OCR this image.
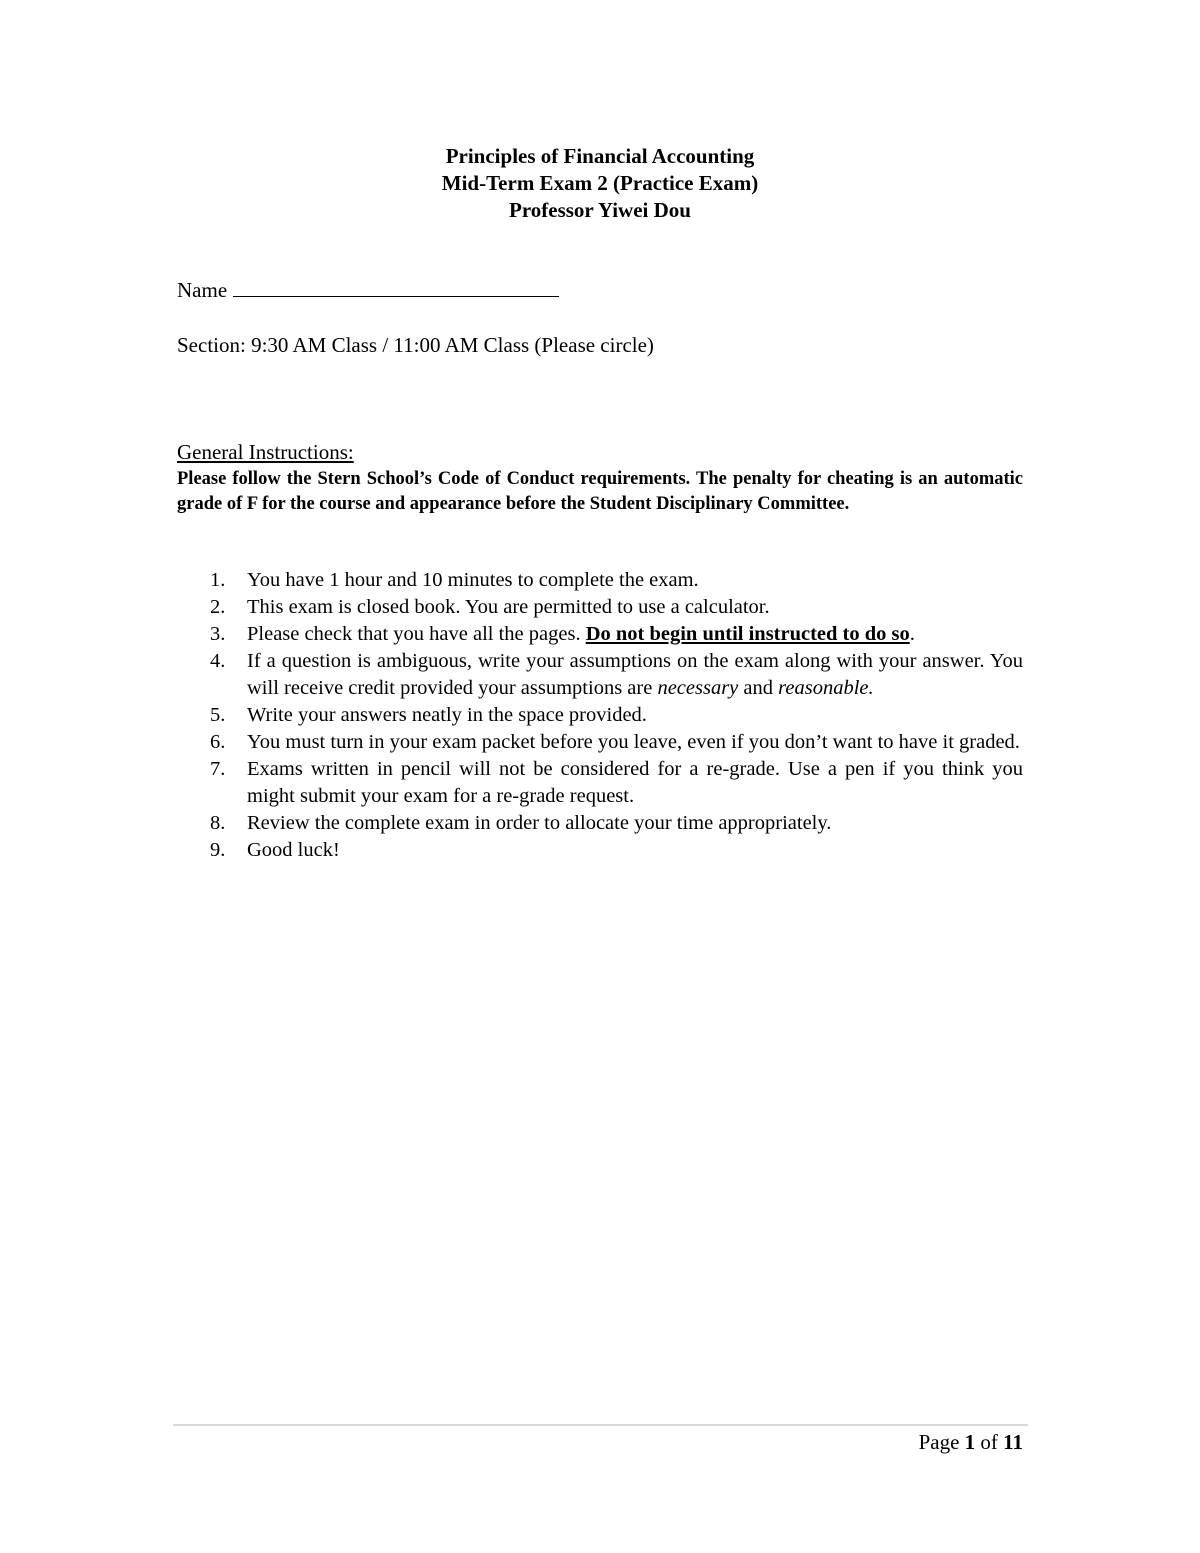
Principles of Financial Accounting
Mid-Term Exam 2 (Practice Exam)
Professor Yiwei Dou
Name
Section: 9:30 AM Class / 11:00 AM Class (Please circle)
General Instructions:
Please follow the Stern School’s Code of Conduct requirements. The penalty for cheating is an automatic grade of F for the course and appearance before the Student Disciplinary Committee.
1. You have 1 hour and 10 minutes to complete the exam.
2. This exam is closed book. You are permitted to use a calculator.
3. Please check that you have all the pages. Do not begin until instructed to do so.
4. If a question is ambiguous, write your assumptions on the exam along with your answer. You will receive credit provided your assumptions are necessary and reasonable.
5. Write your answers neatly in the space provided.
6. You must turn in your exam packet before you leave, even if you don’t want to have it graded.
7. Exams written in pencil will not be considered for a re-grade. Use a pen if you think you might submit your exam for a re-grade request.
8. Review the complete exam in order to allocate your time appropriately.
9. Good luck!
Page 1 of 11
